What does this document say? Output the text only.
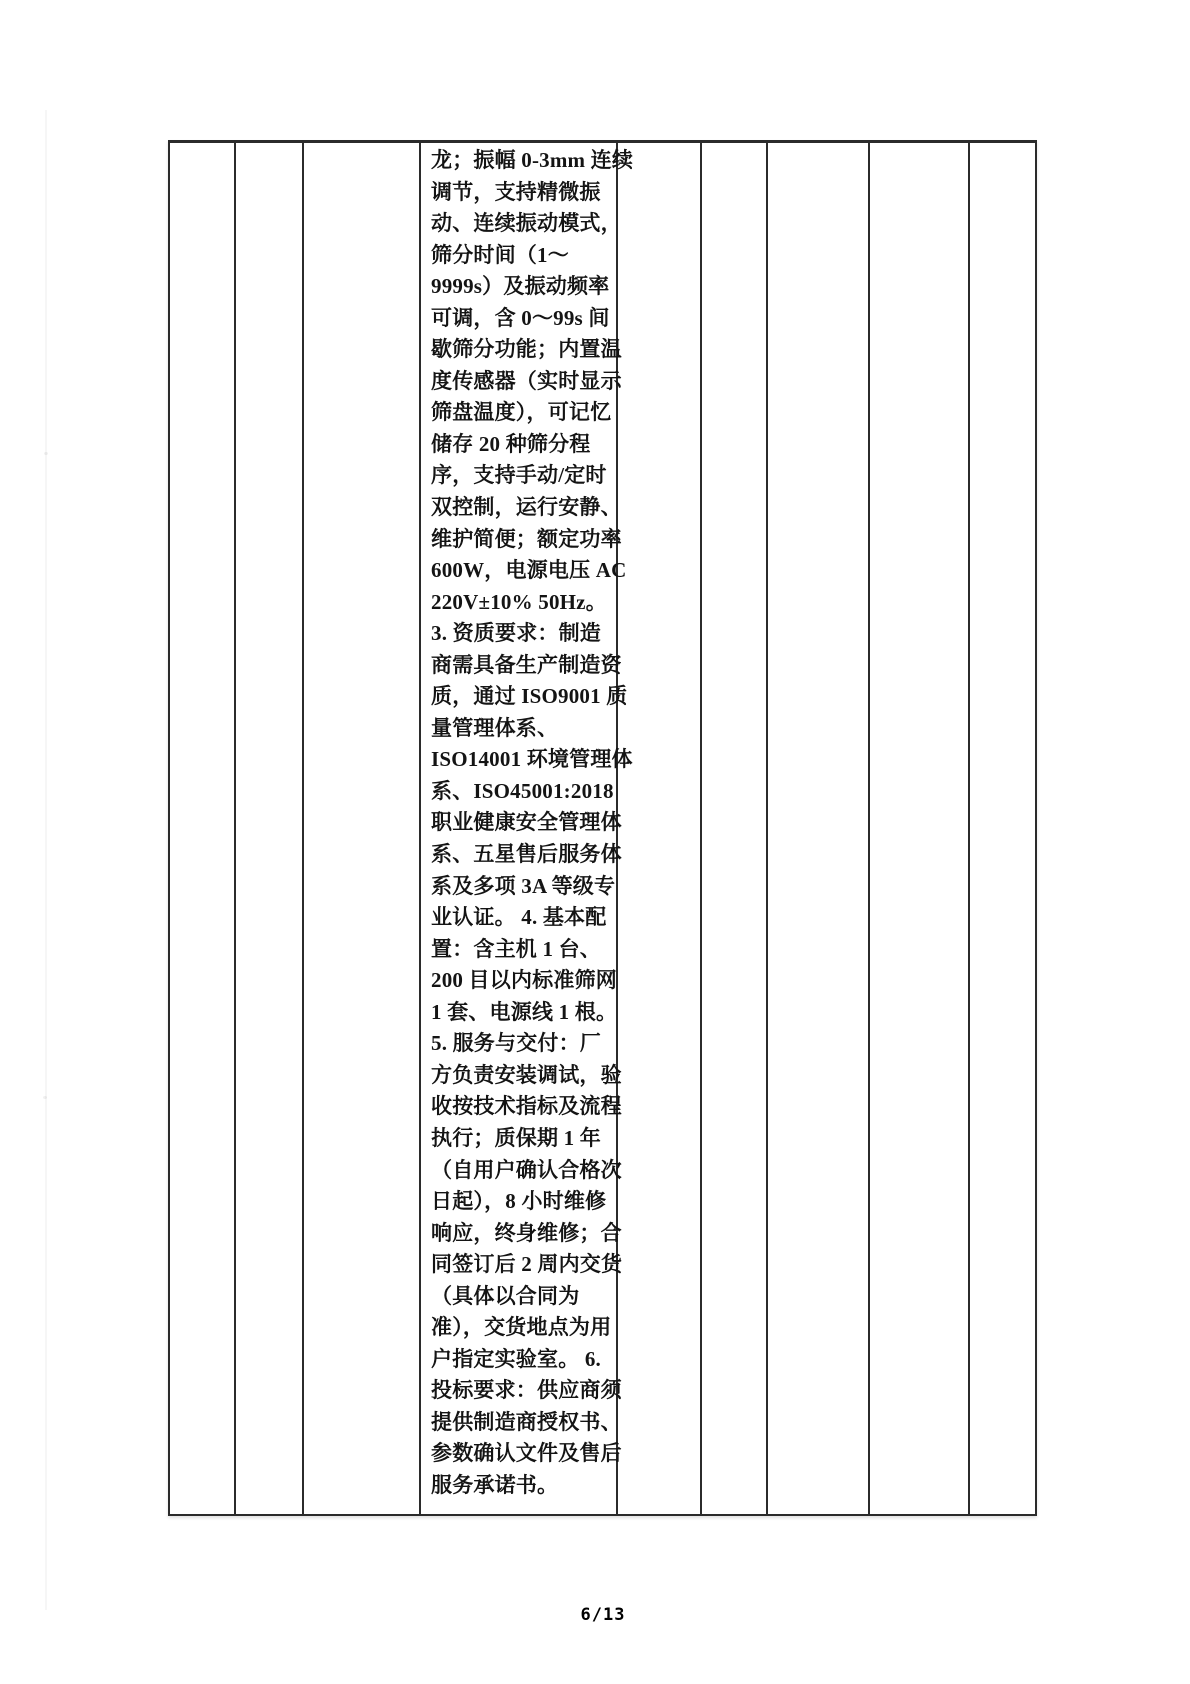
龙；振幅 0-3mm 连续
调节，支持精微振
动、连续振动模式，
筛分时间（1～
9999s）及振动频率
可调，含 0～99s 间
歇筛分功能；内置温
度传感器（实时显示
筛盘温度），可记忆
储存 20 种筛分程
序，支持手动/定时
双控制，运行安静、
维护简便；额定功率
600W，电源电压 AC
220V±10% 50Hz。
3. 资质要求：制造
商需具备生产制造资
质，通过 ISO9001 质
量管理体系、
ISO14001 环境管理体
系、ISO45001:2018
职业健康安全管理体
系、五星售后服务体
系及多项 3A 等级专
业认证。 4. 基本配
置：含主机 1 台、
200 目以内标准筛网
1 套、电源线 1 根。
5. 服务与交付：厂
方负责安装调试，验
收按技术指标及流程
执行；质保期 1 年
（自用户确认合格次
日起），8 小时维修
响应，终身维修；合
同签订后 2 周内交货
（具体以合同为
准），交货地点为用
户指定实验室。 6.
投标要求：供应商须
提供制造商授权书、
参数确认文件及售后
服务承诺书。
6/13
